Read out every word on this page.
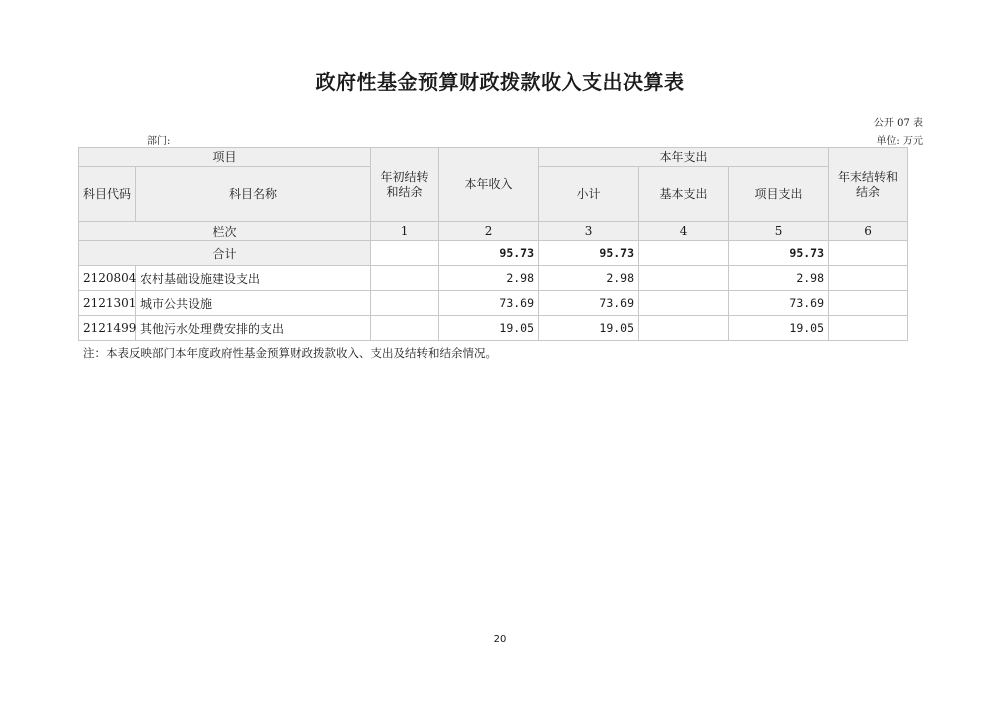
政府性基金预算财政拨款收入支出决算表
公开 07 表
部门:	单位: 万元
项目		年初结转和结余	本年收入	本年支出			年末结转和结余
科目代码	科目名称			小计	基本支出	项目支出	
栏次		1	2	3	4	5	6
合计			95.73	95.73		95.73	
2120804	农村基础设施建设支出		2.98	2.98		2.98	
2121301	城市公共设施		73.69	73.69		73.69	
2121499	其他污水处理费安排的支出		19.05	19.05		19.05	
注：本表反映部门本年度政府性基金预算财政拨款收入、支出及结转和结余情况。
20
